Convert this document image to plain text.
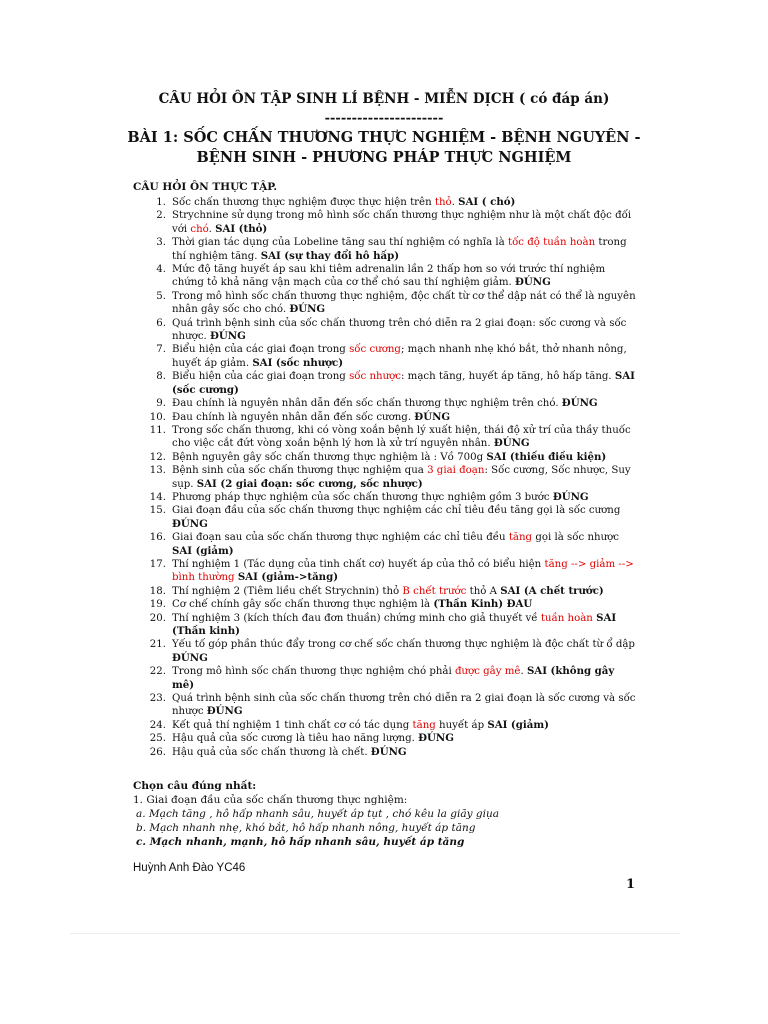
CÂU HỎI ÔN TẬP SINH LÍ BỆNH - MIỄN DỊCH ( có đáp án)
----------------------
BÀI 1: SỐC CHẤN THƯƠNG THỰC NGHIỆM - BỆNH NGUYÊN - BỆNH SINH - PHƯƠNG PHÁP THỰC NGHIỆM
CÂU HỎI ÔN THỰC TẬP.
1. Sốc chấn thương thực nghiệm được thực hiện trên thỏ. SAI ( chó)
2. Strychnine sử dụng trong mô hình sốc chấn thương thực nghiệm như là một chất độc đối với chó. SAI (thỏ)
3. Thời gian tác dụng của Lobeline tăng sau thí nghiệm có nghĩa là tốc độ tuần hoàn trong thí nghiệm tăng. SAI (sự thay đổi hô hấp)
4. Mức độ tăng huyết áp sau khi tiêm adrenalin lần 2 thấp hơn so với trước thí nghiệm chứng tỏ khả năng vận mạch của cơ thể chó sau thí nghiệm giảm. ĐÚNG
5. Trong mô hình sốc chấn thương thực nghiệm, độc chất từ cơ thể dập nát có thể là nguyên nhân gây sốc cho chó. ĐÚNG
6. Quá trình bệnh sinh của sốc chấn thương trên chó diễn ra 2 giai đoạn: sốc cương và sốc nhược. ĐÚNG
7. Biểu hiện của các giai đoạn trong sốc cương; mạch nhanh nhẹ khó bắt, thở nhanh nông, huyết áp giảm. SAI (sốc nhược)
8. Biểu hiện của các giai đoạn trong sốc nhược: mạch tăng, huyết áp tăng, hô hấp tăng. SAI (sốc cương)
9. Đau chính là nguyên nhân dẫn đến sốc chấn thương thực nghiệm trên chó. ĐÚNG
10. Đau chính là nguyên nhân dẫn đến sốc cương. ĐÚNG
11. Trong sốc chấn thương, khi có vòng xoắn bệnh lý xuất hiện, thái độ xử trí của thầy thuốc cho việc cắt đứt vòng xoắn bệnh lý hơn là xử trí nguyên nhân. ĐÚNG
12. Bệnh nguyên gây sốc chấn thương thực nghiệm là : Vồ 700g SAI (thiếu điều kiện)
13. Bệnh sinh của sốc chấn thương thực nghiệm qua 3 giai đoạn: Sốc cương, Sốc nhược, Suy sụp. SAI (2 giai đoạn: sốc cương, sốc nhược)
14. Phương pháp thực nghiệm của sốc chấn thương thực nghiệm gồm 3 bước ĐÚNG
15. Giai đoạn đầu của sốc chấn thương thực nghiệm các chỉ tiêu đều tăng gọi là sốc cương ĐÚNG
16. Giai đoạn sau của sốc chấn thương thực nghiệm các chỉ tiêu đều tăng gọi là sốc nhược SAI (giảm)
17. Thí nghiệm 1 (Tác dụng của tinh chất cơ) huyết áp của thỏ có biểu hiện tăng --> giảm --> bình thường SAI (giảm->tăng)
18. Thí nghiệm 2 (Tiêm liều chết Strychnin) thỏ B chết trước thỏ A SAI (A chết trước)
19. Cơ chế chính gây sốc chấn thương thực nghiệm là (Thần Kinh) ĐAU
20. Thí nghiệm 3 (kích thích đau đơn thuần) chứng minh cho giả thuyết về tuần hoàn SAI (Thần kinh)
21. Yếu tố góp phần thúc đẩy trong cơ chế sốc chấn thương thực nghiệm là độc chất từ ổ dập ĐÚNG
22. Trong mô hình sốc chấn thương thực nghiệm chó phải được gây mê. SAI (không gây mê)
23. Quá trình bệnh sinh của sốc chấn thương trên chó diễn ra 2 giai đoạn là sốc cương và sốc nhược ĐÚNG
24. Kết quả thí nghiệm 1 tinh chất cơ có tác dụng tăng huyết áp SAI (giảm)
25. Hậu quả của sốc cương là tiêu hao năng lượng. ĐÚNG
26. Hậu quả của sốc chấn thương là chết. ĐÚNG
Chọn câu đúng nhất:
1. Giai đoạn đầu của sốc chấn thương thực nghiệm:
a. Mạch tăng , hô hấp nhanh sâu, huyết áp tụt , chó kêu la giãy giụa
b. Mạch nhanh nhẹ, khó bắt, hô hấp nhanh nông, huyết áp tăng
c. Mạch nhanh, mạnh, hô hấp nhanh sâu, huyết áp tăng
Huỳnh Anh Đào YC46
1
